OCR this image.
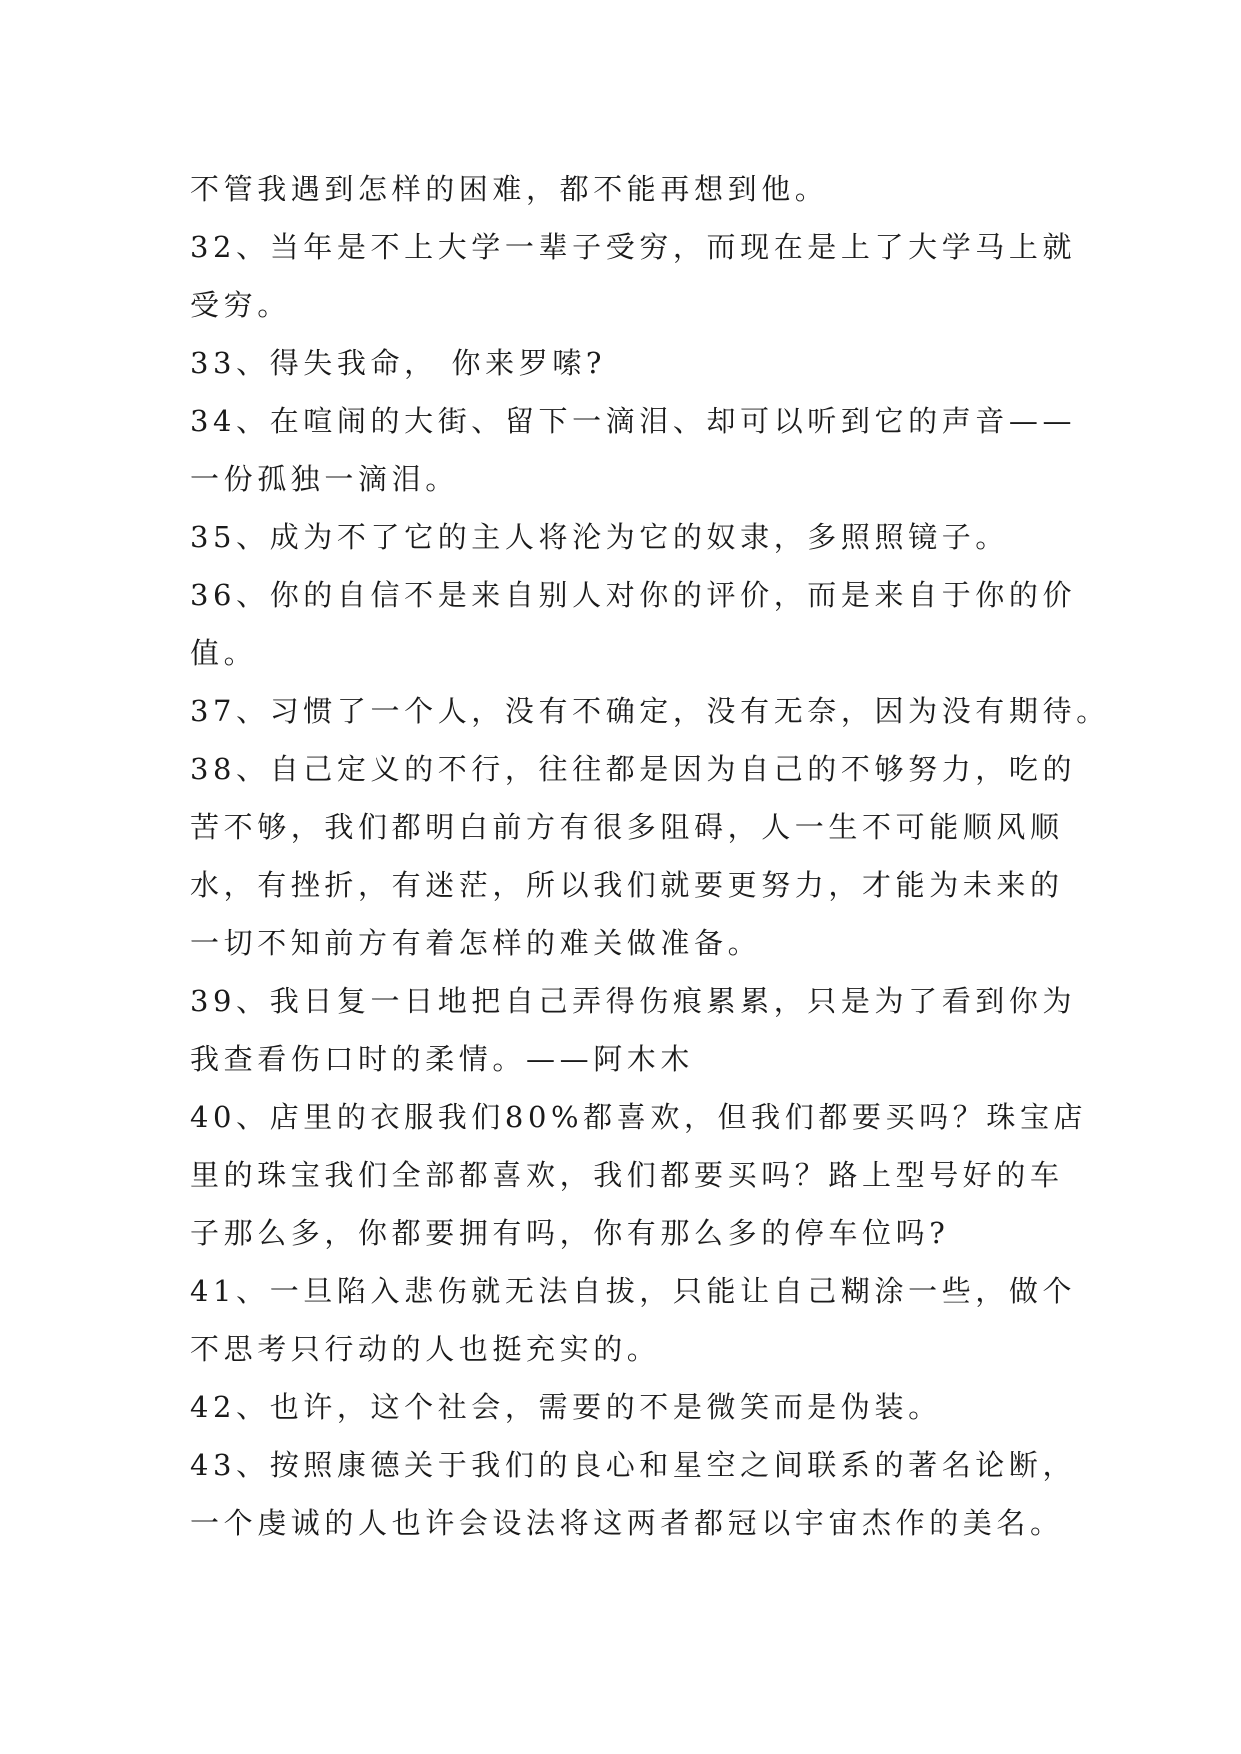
不管我遇到怎样的困难，都不能再想到他。

32、当年是不上大学一辈子受穷，而现在是上了大学马上就

受穷。

33、得失我命， 你来罗嗦?

34、在喧闹的大街、留下一滴泪、却可以听到它的声音——

一份孤独一滴泪。

35、成为不了它的主人将沦为它的奴隶，多照照镜子。

36、你的自信不是来自别人对你的评价，而是来自于你的价

值。

37、习惯了一个人，没有不确定，没有无奈，因为没有期待。

38、自己定义的不行，往往都是因为自己的不够努力，吃的

苦不够，我们都明白前方有很多阻碍，人一生不可能顺风顺

水，有挫折，有迷茫，所以我们就要更努力，才能为未来的

一切不知前方有着怎样的难关做准备。

39、我日复一日地把自己弄得伤痕累累，只是为了看到你为

我查看伤口时的柔情。——阿木木

40、店里的衣服我们80%都喜欢，但我们都要买吗？珠宝店

里的珠宝我们全部都喜欢，我们都要买吗？路上型号好的车

子那么多，你都要拥有吗，你有那么多的停车位吗?

41、一旦陷入悲伤就无法自拔，只能让自己糊涂一些，做个

不思考只行动的人也挺充实的。

42、也许，这个社会，需要的不是微笑而是伪装。

43、按照康德关于我们的良心和星空之间联系的著名论断，

一个虔诚的人也许会设法将这两者都冠以宇宙杰作的美名。
